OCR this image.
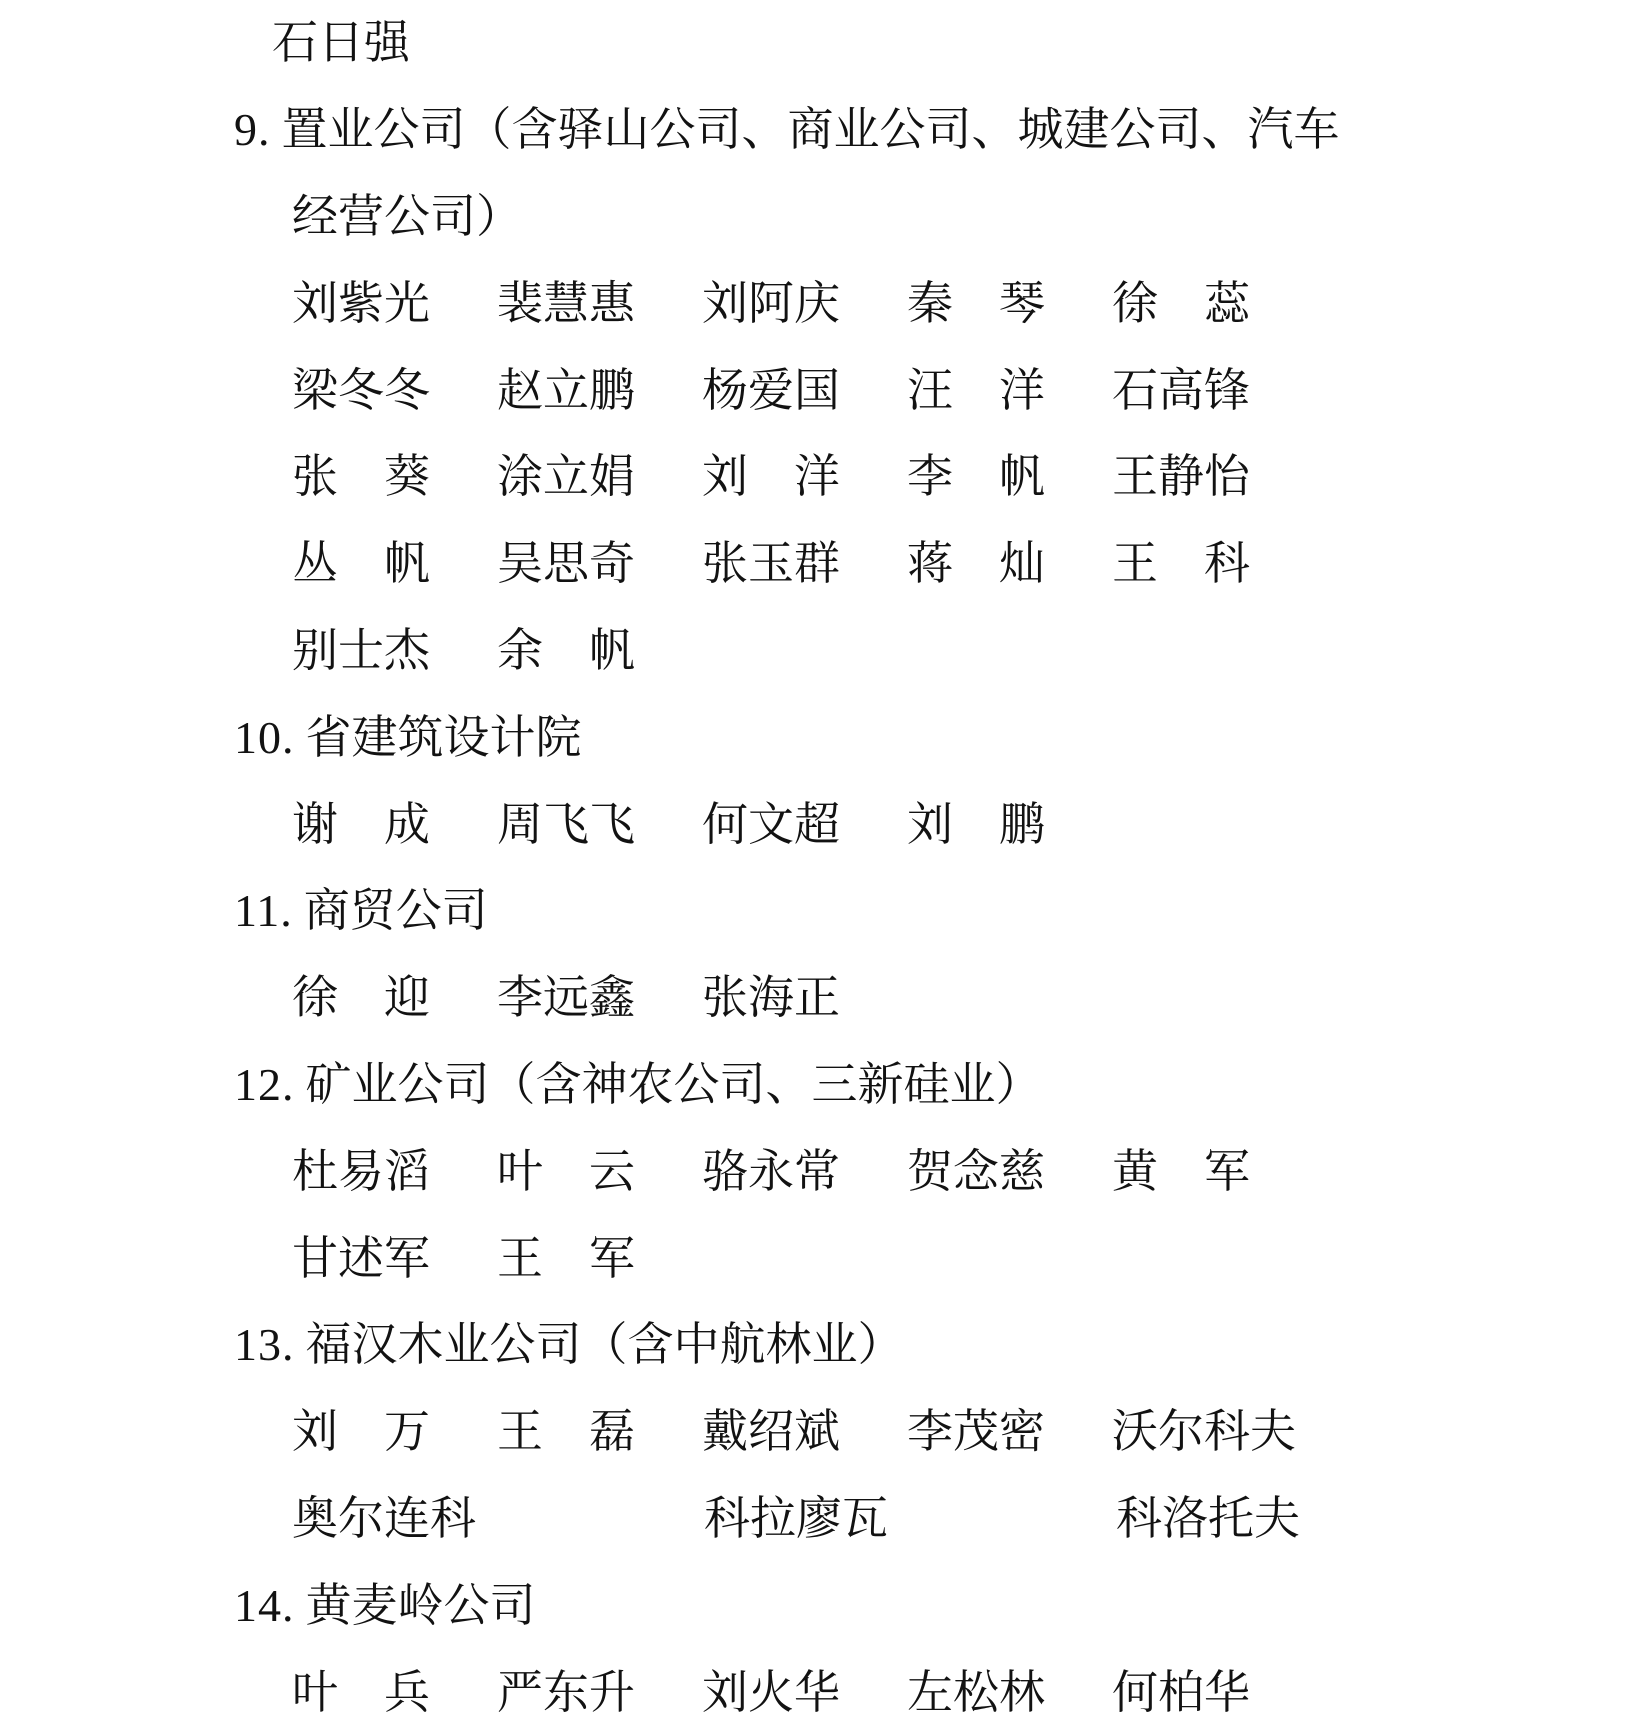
石日强
9. 置业公司（含驿山公司、商业公司、城建公司、汽车
经营公司）
刘紫光 裴慧惠 刘阿庆 秦　琴 徐　蕊
梁冬冬 赵立鹏 杨爱国 汪　洋 石高锋
张　葵 涂立娟 刘　洋 李　帆 王静怡
丛　帆 吴思奇 张玉群 蒋　灿 王　科
别士杰 余　帆
10. 省建筑设计院
谢　成 周飞飞 何文超 刘　鹏
11. 商贸公司
徐　迎 李远鑫 张海正
12. 矿业公司（含神农公司、三新硅业）
杜易滔 叶　云 骆永常 贺念慈 黄　军
甘述军 王　军
13. 福汉木业公司（含中航林业）
刘　万 王　磊 戴绍斌 李茂密 沃尔科夫
奥尔连科	科拉廖瓦	科洛托夫
14. 黄麦岭公司
叶　兵 严东升 刘火华 左松林 何柏华
